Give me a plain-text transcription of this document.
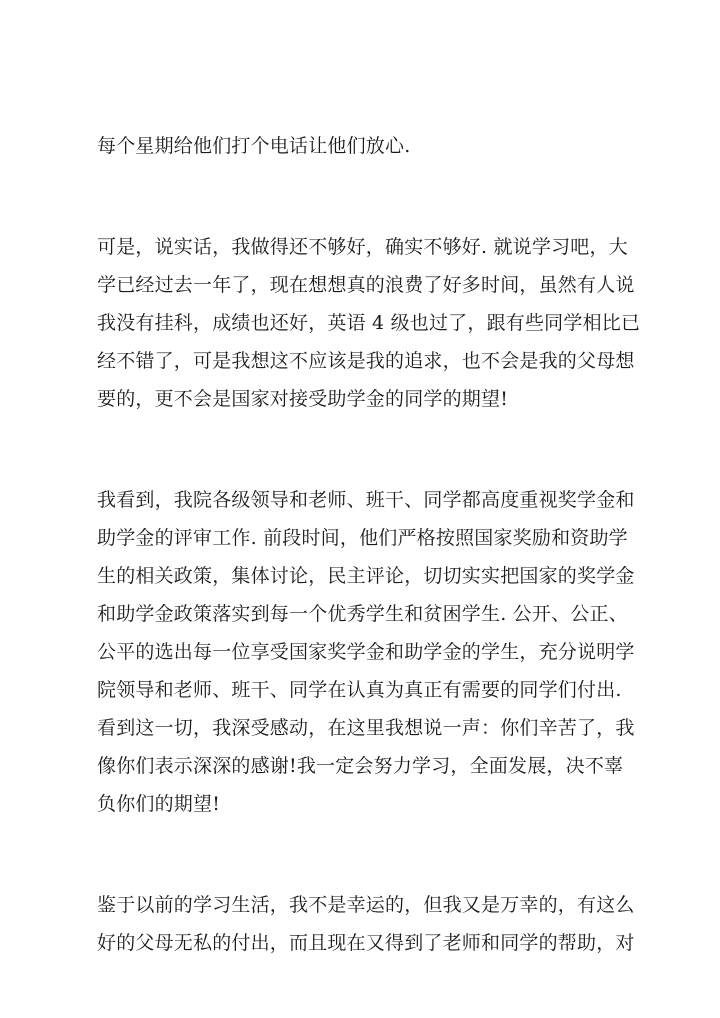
每个星期给他们打个电话让他们放心.
可是，说实话，我做得还不够好，确实不够好. 就说学习吧，大
学已经过去一年了，现在想想真的浪费了好多时间，虽然有人说
我没有挂科，成绩也还好，英语 4 级也过了，跟有些同学相比已
经不错了，可是我想这不应该是我的追求，也不会是我的父母想
要的，更不会是国家对接受助学金的同学的期望!
我看到，我院各级领导和老师、班干、同学都高度重视奖学金和
助学金的评审工作. 前段时间，他们严格按照国家奖励和资助学
生的相关政策，集体讨论，民主评论，切切实实把国家的奖学金
和助学金政策落实到每一个优秀学生和贫困学生. 公开、公正、
公平的选出每一位享受国家奖学金和助学金的学生，充分说明学
院领导和老师、班干、同学在认真为真正有需要的同学们付出.
看到这一切，我深受感动，在这里我想说一声：你们辛苦了，我
像你们表示深深的感谢!我一定会努力学习，全面发展，决不辜
负你们的期望!
鉴于以前的学习生活，我不是幸运的，但我又是万幸的，有这么
好的父母无私的付出，而且现在又得到了老师和同学的帮助，对
